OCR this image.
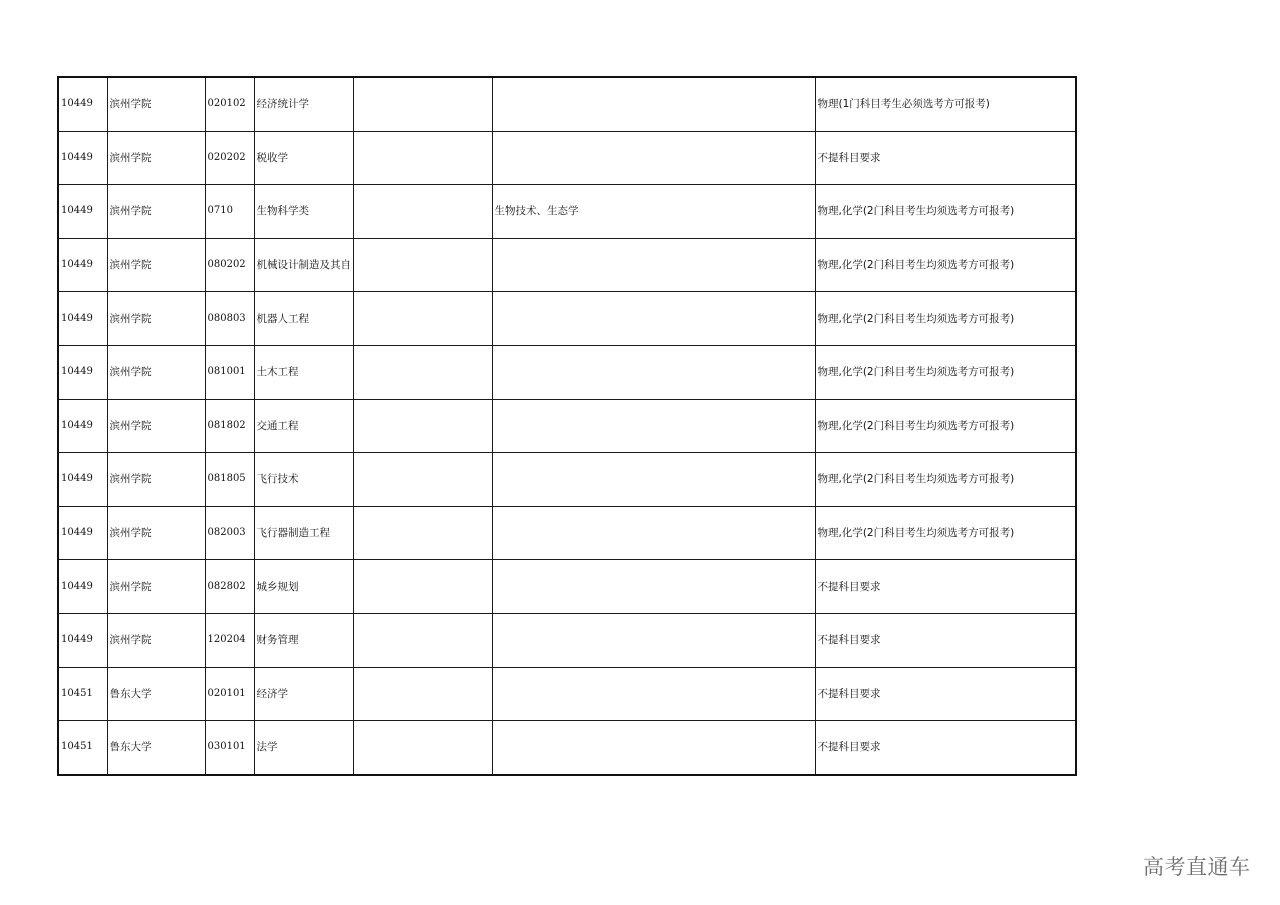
10449	滨州学院	020102	经济统计学			物理(1门科目考生必须选考方可报考)
10449	滨州学院	020202	税收学			不提科目要求
10449	滨州学院	0710	生物科学类		生物技术、生态学	物理,化学(2门科目考生均须选考方可报考)
10449	滨州学院	080202	机械设计制造及其自			物理,化学(2门科目考生均须选考方可报考)
10449	滨州学院	080803	机器人工程			物理,化学(2门科目考生均须选考方可报考)
10449	滨州学院	081001	土木工程			物理,化学(2门科目考生均须选考方可报考)
10449	滨州学院	081802	交通工程			物理,化学(2门科目考生均须选考方可报考)
10449	滨州学院	081805	飞行技术			物理,化学(2门科目考生均须选考方可报考)
10449	滨州学院	082003	飞行器制造工程			物理,化学(2门科目考生均须选考方可报考)
10449	滨州学院	082802	城乡规划			不提科目要求
10449	滨州学院	120204	财务管理			不提科目要求
10451	鲁东大学	020101	经济学			不提科目要求
10451	鲁东大学	030101	法学			不提科目要求
高考直通车
